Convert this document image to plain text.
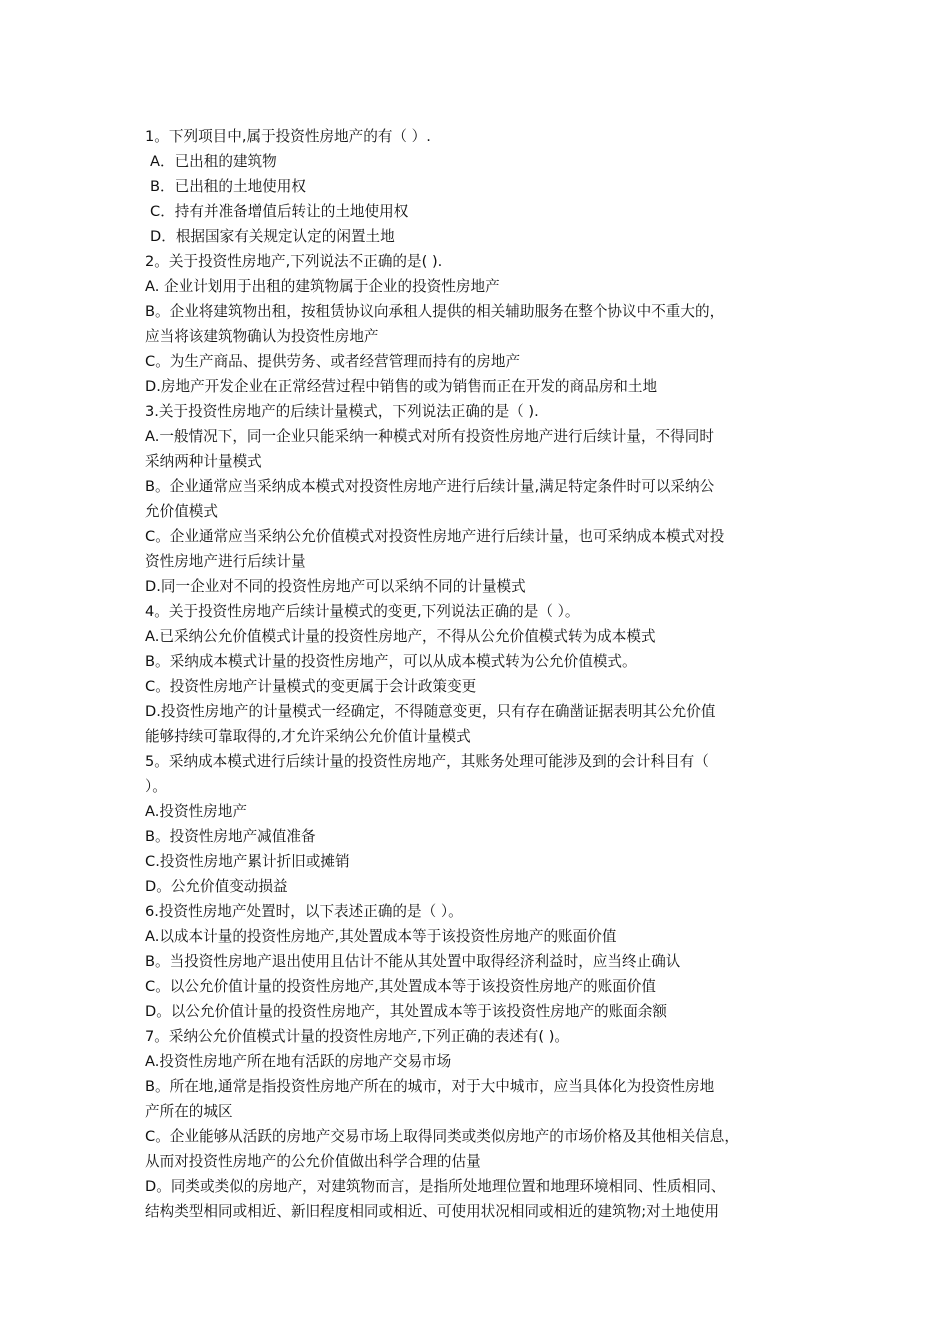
1。下列项目中,属于投资性房地产的有（ ）.
A．已出租的建筑物
B．已出租的土地使用权
C．持有并准备增值后转让的土地使用权
D．根据国家有关规定认定的闲置土地
2。关于投资性房地产,下列说法不正确的是( ).
A. 企业计划用于出租的建筑物属于企业的投资性房地产
B。企业将建筑物出租，按租赁协议向承租人提供的相关辅助服务在整个协议中不重大的，
应当将该建筑物确认为投资性房地产
C。为生产商品、提供劳务、或者经营管理而持有的房地产
D.房地产开发企业在正常经营过程中销售的或为销售而正在开发的商品房和土地
3.关于投资性房地产的后续计量模式，下列说法正确的是（ ).
A.一般情况下，同一企业只能采纳一种模式对所有投资性房地产进行后续计量，不得同时
采纳两种计量模式
B。企业通常应当采纳成本模式对投资性房地产进行后续计量,满足特定条件时可以采纳公
允价值模式
C。企业通常应当采纳公允价值模式对投资性房地产进行后续计量，也可采纳成本模式对投
资性房地产进行后续计量
D.同一企业对不同的投资性房地产可以采纳不同的计量模式
4。关于投资性房地产后续计量模式的变更,下列说法正确的是（ ）。
A.已采纳公允价值模式计量的投资性房地产，不得从公允价值模式转为成本模式
B。采纳成本模式计量的投资性房地产，可以从成本模式转为公允价值模式。
C。投资性房地产计量模式的变更属于会计政策变更
D.投资性房地产的计量模式一经确定，不得随意变更，只有存在确凿证据表明其公允价值
能够持续可靠取得的,才允许采纳公允价值计量模式
5。采纳成本模式进行后续计量的投资性房地产，其账务处理可能涉及到的会计科目有（
）。
A.投资性房地产
B。投资性房地产减值准备
C.投资性房地产累计折旧或摊销
D。公允价值变动损益
6.投资性房地产处置时，以下表述正确的是（ ）。
A.以成本计量的投资性房地产,其处置成本等于该投资性房地产的账面价值
B。当投资性房地产退出使用且估计不能从其处置中取得经济利益时，应当终止确认
C。以公允价值计量的投资性房地产,其处置成本等于该投资性房地产的账面价值
D。以公允价值计量的投资性房地产，其处置成本等于该投资性房地产的账面余额
7。采纳公允价值模式计量的投资性房地产,下列正确的表述有( )。
A.投资性房地产所在地有活跃的房地产交易市场
B。所在地,通常是指投资性房地产所在的城市，对于大中城市，应当具体化为投资性房地
产所在的城区
C。企业能够从活跃的房地产交易市场上取得同类或类似房地产的市场价格及其他相关信息，
从而对投资性房地产的公允价值做出科学合理的估量
D。同类或类似的房地产，对建筑物而言，是指所处地理位置和地理环境相同、性质相同、
结构类型相同或相近、新旧程度相同或相近、可使用状况相同或相近的建筑物;对土地使用
